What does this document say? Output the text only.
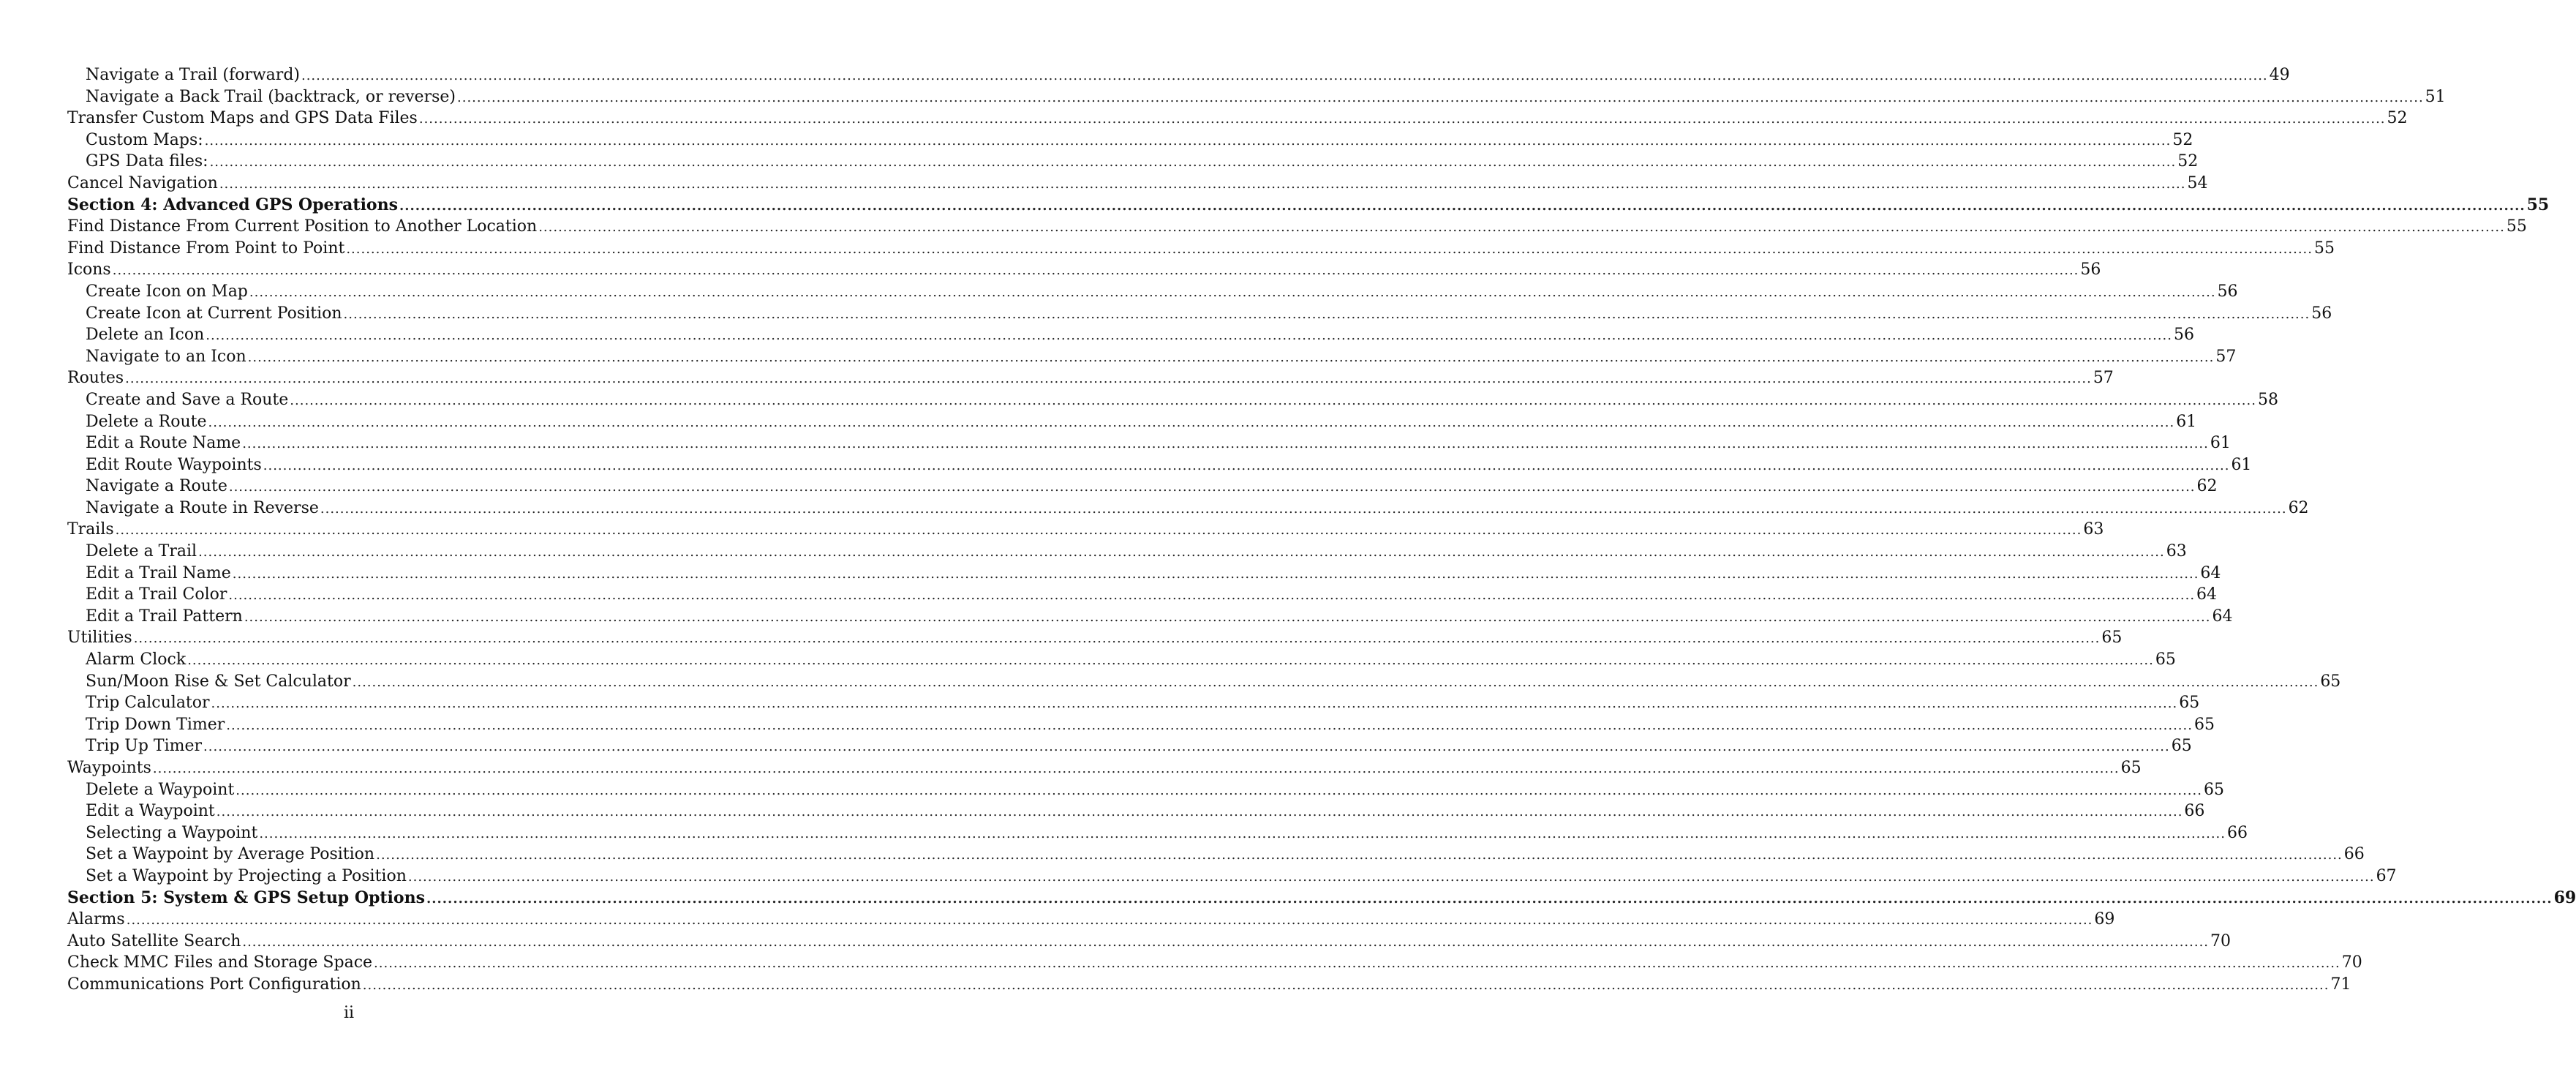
Navigate a Trail (forward) ................................................................................................................................................................................................................................................................................................................................................................................................................ 49
Navigate a Back Trail (backtrack, or reverse) ................................................................................................................................................................................................................................................................................................................................................................................................................ 51
Transfer Custom Maps and GPS Data Files ................................................................................................................................................................................................................................................................................................................................................................................................................ 52
Custom Maps: ................................................................................................................................................................................................................................................................................................................................................................................................................ 52
GPS Data files: ................................................................................................................................................................................................................................................................................................................................................................................................................ 52
Cancel Navigation ................................................................................................................................................................................................................................................................................................................................................................................................................ 54
Section 4: Advanced GPS Operations ................................................................................................................................................................................................................................................................................................................................................................................................................ 55
Find Distance From Current Position to Another Location ................................................................................................................................................................................................................................................................................................................................................................................................................ 55
Find Distance From Point to Point ................................................................................................................................................................................................................................................................................................................................................................................................................ 55
Icons ................................................................................................................................................................................................................................................................................................................................................................................................................ 56
Create Icon on Map ................................................................................................................................................................................................................................................................................................................................................................................................................ 56
Create Icon at Current Position ................................................................................................................................................................................................................................................................................................................................................................................................................ 56
Delete an Icon ................................................................................................................................................................................................................................................................................................................................................................................................................ 56
Navigate to an Icon ................................................................................................................................................................................................................................................................................................................................................................................................................ 57
Routes ................................................................................................................................................................................................................................................................................................................................................................................................................ 57
Create and Save a Route ................................................................................................................................................................................................................................................................................................................................................................................................................ 58
Delete a Route ................................................................................................................................................................................................................................................................................................................................................................................................................ 61
Edit a Route Name ................................................................................................................................................................................................................................................................................................................................................................................................................ 61
Edit Route Waypoints ................................................................................................................................................................................................................................................................................................................................................................................................................ 61
Navigate a Route ................................................................................................................................................................................................................................................................................................................................................................................................................ 62
Navigate a Route in Reverse ................................................................................................................................................................................................................................................................................................................................................................................................................ 62
Trails ................................................................................................................................................................................................................................................................................................................................................................................................................ 63
Delete a Trail ................................................................................................................................................................................................................................................................................................................................................................................................................ 63
Edit a Trail Name ................................................................................................................................................................................................................................................................................................................................................................................................................ 64
Edit a Trail Color ................................................................................................................................................................................................................................................................................................................................................................................................................ 64
Edit a Trail Pattern ................................................................................................................................................................................................................................................................................................................................................................................................................ 64
Utilities ................................................................................................................................................................................................................................................................................................................................................................................................................ 65
Alarm Clock ................................................................................................................................................................................................................................................................................................................................................................................................................ 65
Sun/Moon Rise & Set Calculator ................................................................................................................................................................................................................................................................................................................................................................................................................ 65
Trip Calculator ................................................................................................................................................................................................................................................................................................................................................................................................................ 65
Trip Down Timer ................................................................................................................................................................................................................................................................................................................................................................................................................ 65
Trip Up Timer ................................................................................................................................................................................................................................................................................................................................................................................................................ 65
Waypoints ................................................................................................................................................................................................................................................................................................................................................................................................................ 65
Delete a Waypoint ................................................................................................................................................................................................................................................................................................................................................................................................................ 65
Edit a Waypoint ................................................................................................................................................................................................................................................................................................................................................................................................................ 66
Selecting a Waypoint ................................................................................................................................................................................................................................................................................................................................................................................................................ 66
Set a Waypoint by Average Position ................................................................................................................................................................................................................................................................................................................................................................................................................ 66
Set a Waypoint by Projecting a Position ................................................................................................................................................................................................................................................................................................................................................................................................................ 67
Section 5: System & GPS Setup Options ................................................................................................................................................................................................................................................................................................................................................................................................................ 69
Alarms ................................................................................................................................................................................................................................................................................................................................................................................................................ 69
Auto Satellite Search ................................................................................................................................................................................................................................................................................................................................................................................................................ 70
Check MMC Files and Storage Space ................................................................................................................................................................................................................................................................................................................................................................................................................ 70
Communications Port Configuration ................................................................................................................................................................................................................................................................................................................................................................................................................ 71
ii
